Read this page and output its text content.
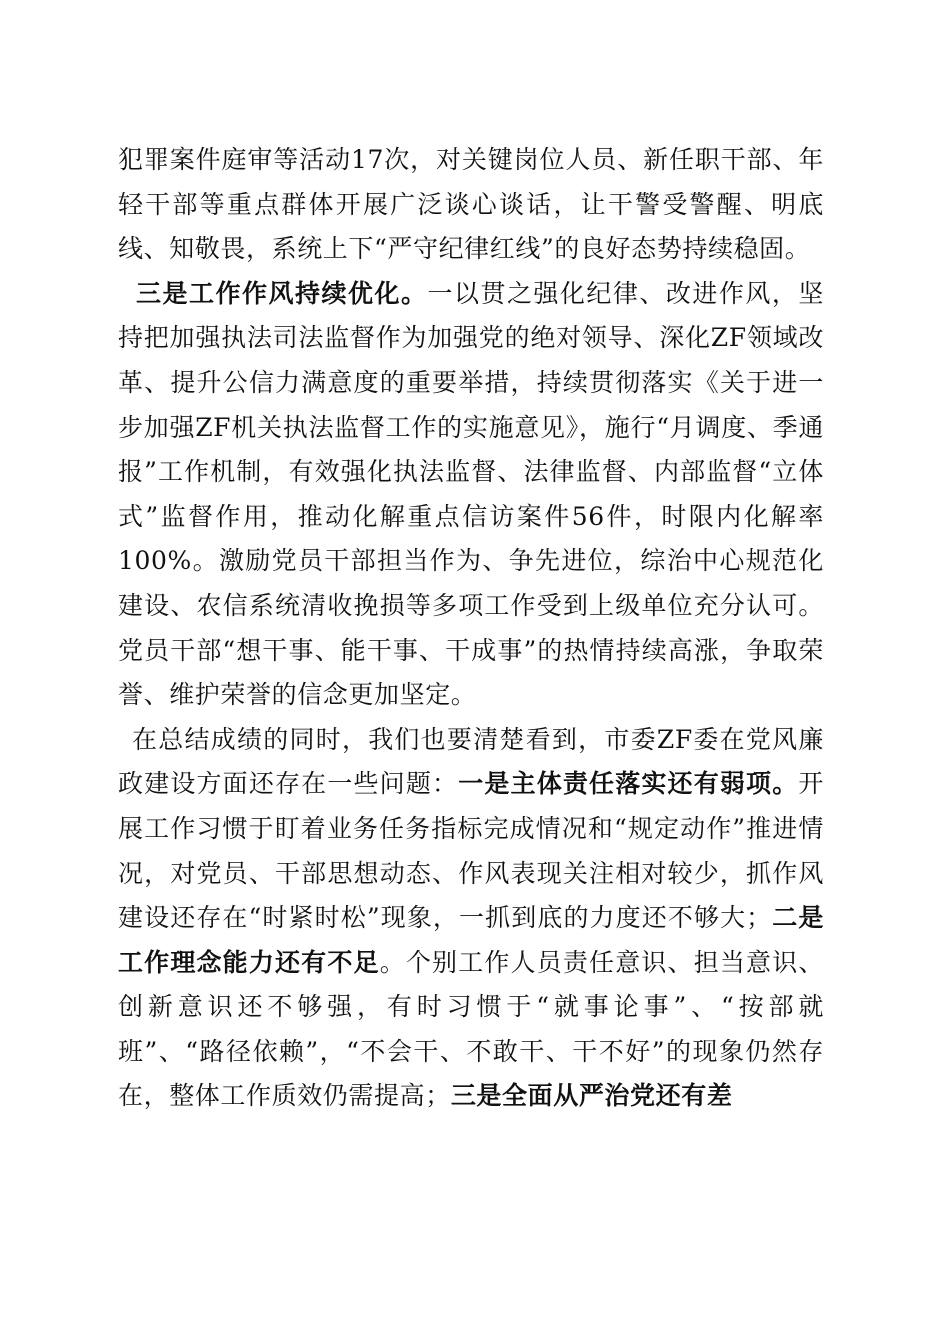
犯罪案件庭审等活动17次，对关键岗位人员、新任职干部、年轻干部等重点群体开展广泛谈心谈话，让干警受警醒、明底线、知敬畏，系统上下“严守纪律红线”的良好态势持续稳固。

三是工作作风持续优化。一以贯之强化纪律、改进作风，坚持把加强执法司法监督作为加强党的绝对领导、深化ZF领域改革、提升公信力满意度的重要举措，持续贯彻落实《关于进一步加强ZF机关执法监督工作的实施意见》，施行“月调度、季通报”工作机制，有效强化执法监督、法律监督、内部监督“立体式”监督作用，推动化解重点信访案件56件，时限内化解率100%。激励党员干部担当作为、争先进位，综治中心规范化建设、农信系统清收挽损等多项工作受到上级单位充分认可。党员干部“想干事、能干事、干成事”的热情持续高涨，争取荣誉、维护荣誉的信念更加坚定。

在总结成绩的同时，我们也要清楚看到，市委ZF委在党风廉政建设方面还存在一些问题：一是主体责任落实还有弱项。开展工作习惯于盯着业务任务指标完成情况和“规定动作”推进情况，对党员、干部思想动态、作风表现关注相对较少，抓作风建设还存在“时紧时松”现象，一抓到底的力度还不够大；二是工作理念能力还有不足。个别工作人员责任意识、担当意识、创新意识还不够强，有时习惯于“就事论事”、“按部就班”、“路径依赖”，“不会干、不敢干、干不好”的现象仍然存在，整体工作质效仍需提高；三是全面从严治党还有差
